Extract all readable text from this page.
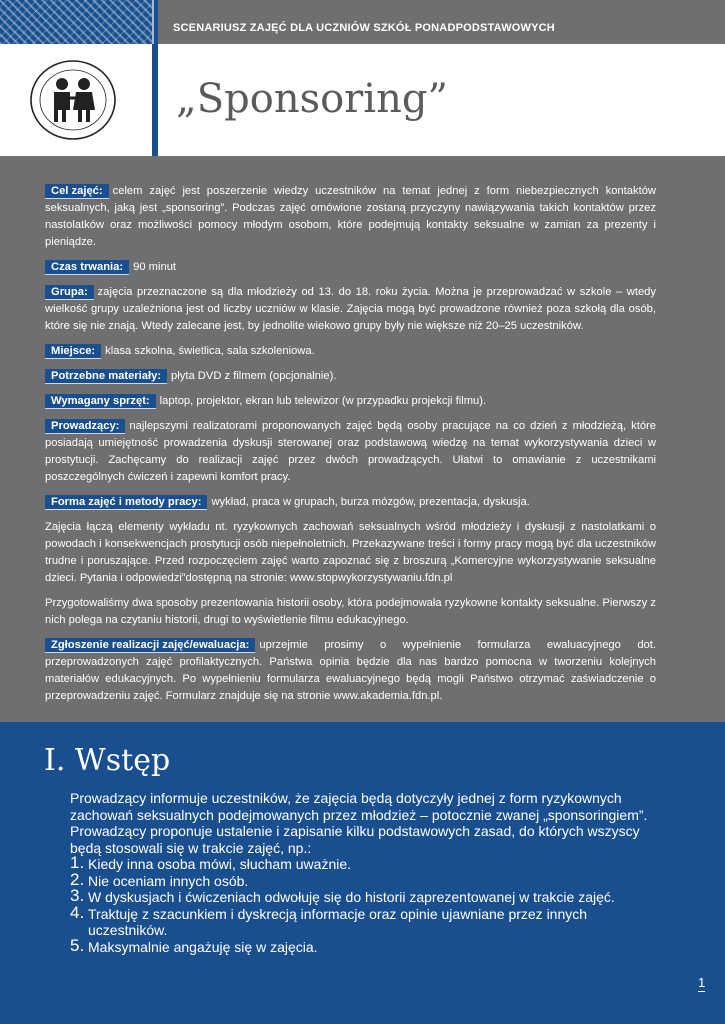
SCENARIUSZ ZAJĘĆ DLA UCZNIÓW SZKÓŁ PONADPODSTAWOWYCH
„Sponsoring”

Cel zajęć: celem zajęć jest poszerzenie wiedzy uczestników na temat jednej z form niebezpiecznych kontaktów seksualnych, jaką jest „sponsoring”. Podczas zajęć omówione zostaną przyczyny nawiązywania takich kontaktów przez nastolatków oraz możliwości pomocy młodym osobom, które podejmują kontakty seksualne w zamian za prezenty i pieniądze.

Czas trwania: 90 minut

Grupa: zajęcia przeznaczone są dla młodzieży od 13. do 18. roku życia. Można je przeprowadzać w szkole – wtedy wielkość grupy uzależniona jest od liczby uczniów w klasie. Zajęcia mogą być prowadzone również poza szkołą dla osób, które się nie znają. Wtedy zalecane jest, by jednolite wiekowo grupy były nie większe niż 20–25 uczestników.

Miejsce: klasa szkolna, świetlica, sala szkoleniowa.

Potrzebne materiały: płyta DVD z filmem (opcjonalnie).

Wymagany sprzęt: laptop, projektor, ekran lub telewizor (w przypadku projekcji filmu).

Prowadzący: najlepszymi realizatorami proponowanych zajęć będą osoby pracujące na co dzień z młodzieżą, które posiadają umiejętność prowadzenia dyskusji sterowanej oraz podstawową wiedzę na temat wykorzystywania dzieci w prostytucji. Zachęcamy do realizacji zajęć przez dwóch prowadzących. Ułatwi to omawianie z uczestnikami poszczególnych ćwiczeń i zapewni komfort pracy.

Forma zajęć i metody pracy: wykład, praca w grupach, burza mózgów, prezentacja, dyskusja.

Zajęcia łączą elementy wykładu nt. ryzykownych zachowań seksualnych wśród młodzieży i dyskusji z nastolatkami o powodach i konsekwencjach prostytucji osób niepełnoletnich. Przekazywane treści i formy pracy mogą być dla uczestników trudne i poruszające. Przed rozpoczęciem zajęć warto zapoznać się z broszurą „Komercyjne wykorzystywanie seksualne dzieci. Pytania i odpowiedzi”dostępną na stronie: www.stopwykorzystywaniu.fdn.pl

Przygotowaliśmy dwa sposoby prezentowania historii osoby, która podejmowała ryzykowne kontakty seksualne. Pierwszy z nich polega na czytaniu historii, drugi to wyświetlenie filmu edukacyjnego.

Zgłoszenie realizacji zajęć/ewaluacja: uprzejmie prosimy o wypełnienie formularza ewaluacyjnego dot. przeprowadzonych zajęć profilaktycznych. Państwa opinia będzie dla nas bardzo pomocna w tworzeniu kolejnych materiałów edukacyjnych. Po wypełnieniu formularza ewaluacyjnego będą mogli Państwo otrzymać zaświadczenie o przeprowadzeniu zajęć. Formularz znajduje się na stronie www.akademia.fdn.pl.

I. Wstęp

Prowadzący informuje uczestników, że zajęcia będą dotyczyły jednej z form ryzykownych zachowań seksualnych podejmowanych przez młodzież – potocznie zwanej „sponsoringiem”.

Prowadzący proponuje ustalenie i zapisanie kilku podstawowych zasad, do których wszyscy będą stosowali się w trakcie zajęć, np.:

1. Kiedy inna osoba mówi, słucham uważnie.
2. Nie oceniam innych osób.
3. W dyskusjach i ćwiczeniach odwołuję się do historii zaprezentowanej w trakcie zajęć.
4. Traktuję z szacunkiem i dyskrecją informacje oraz opinie ujawniane przez innych uczestników.
5. Maksymalnie angażuję się w zajęcia.
1
